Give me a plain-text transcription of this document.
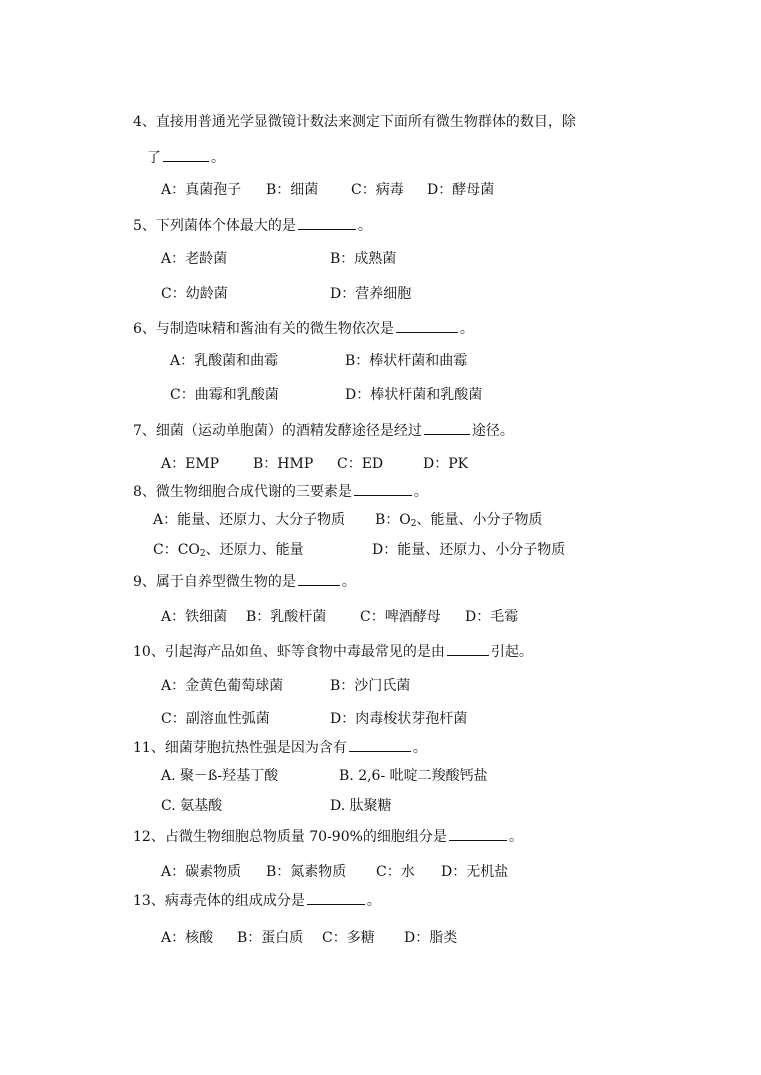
4、直接用普通光学显微镜计数法来测定下面所有微生物群体的数目，除
了	。
A：真菌孢子 B：细菌 C：病毒 D：酵母菌
5、下列菌体个体最大的是	。
A：老龄菌	B：成熟菌
C：幼龄菌	D：营养细胞
6、与制造味精和酱油有关的微生物依次是	。
A：乳酸菌和曲霉	B：棒状杆菌和曲霉
C：曲霉和乳酸菌	D：棒状杆菌和乳酸菌
7、细菌（运动单胞菌）的酒精发酵途径是经过	途径。
A：EMP B：HMP C：ED	D：PK
8、微生物细胞合成代谢的三要素是	。
A：能量、还原力、大分子物质 B：$O_2$、能量、小分子物质
C：$CO_2$、还原力、能量	D：能量、还原力、小分子物质
9、属于自养型微生物的是	。
A：铁细菌 B：乳酸杆菌 C：啤酒酵母 D：毛霉
10、引起海产品如鱼、虾等食物中毒最常见的是由	引起。
A：金黄色葡萄球菌	B：沙门氏菌
C：副溶血性弧菌	D：肉毒梭状芽孢杆菌
11、细菌芽胞抗热性强是因为含有	。
A. 聚－ß-羟基丁酸	B. 2,6- 吡啶二羧酸钙盐
C. 氨基酸	D. 肽聚糖
12、占微生物细胞总物质量 70-90%的细胞组分是	。
A：碳素物质 B：氮素物质 C：水 D：无机盐
13、病毒壳体的组成成分是	。
A：核酸 B：蛋白质 C：多糖 D：脂类
